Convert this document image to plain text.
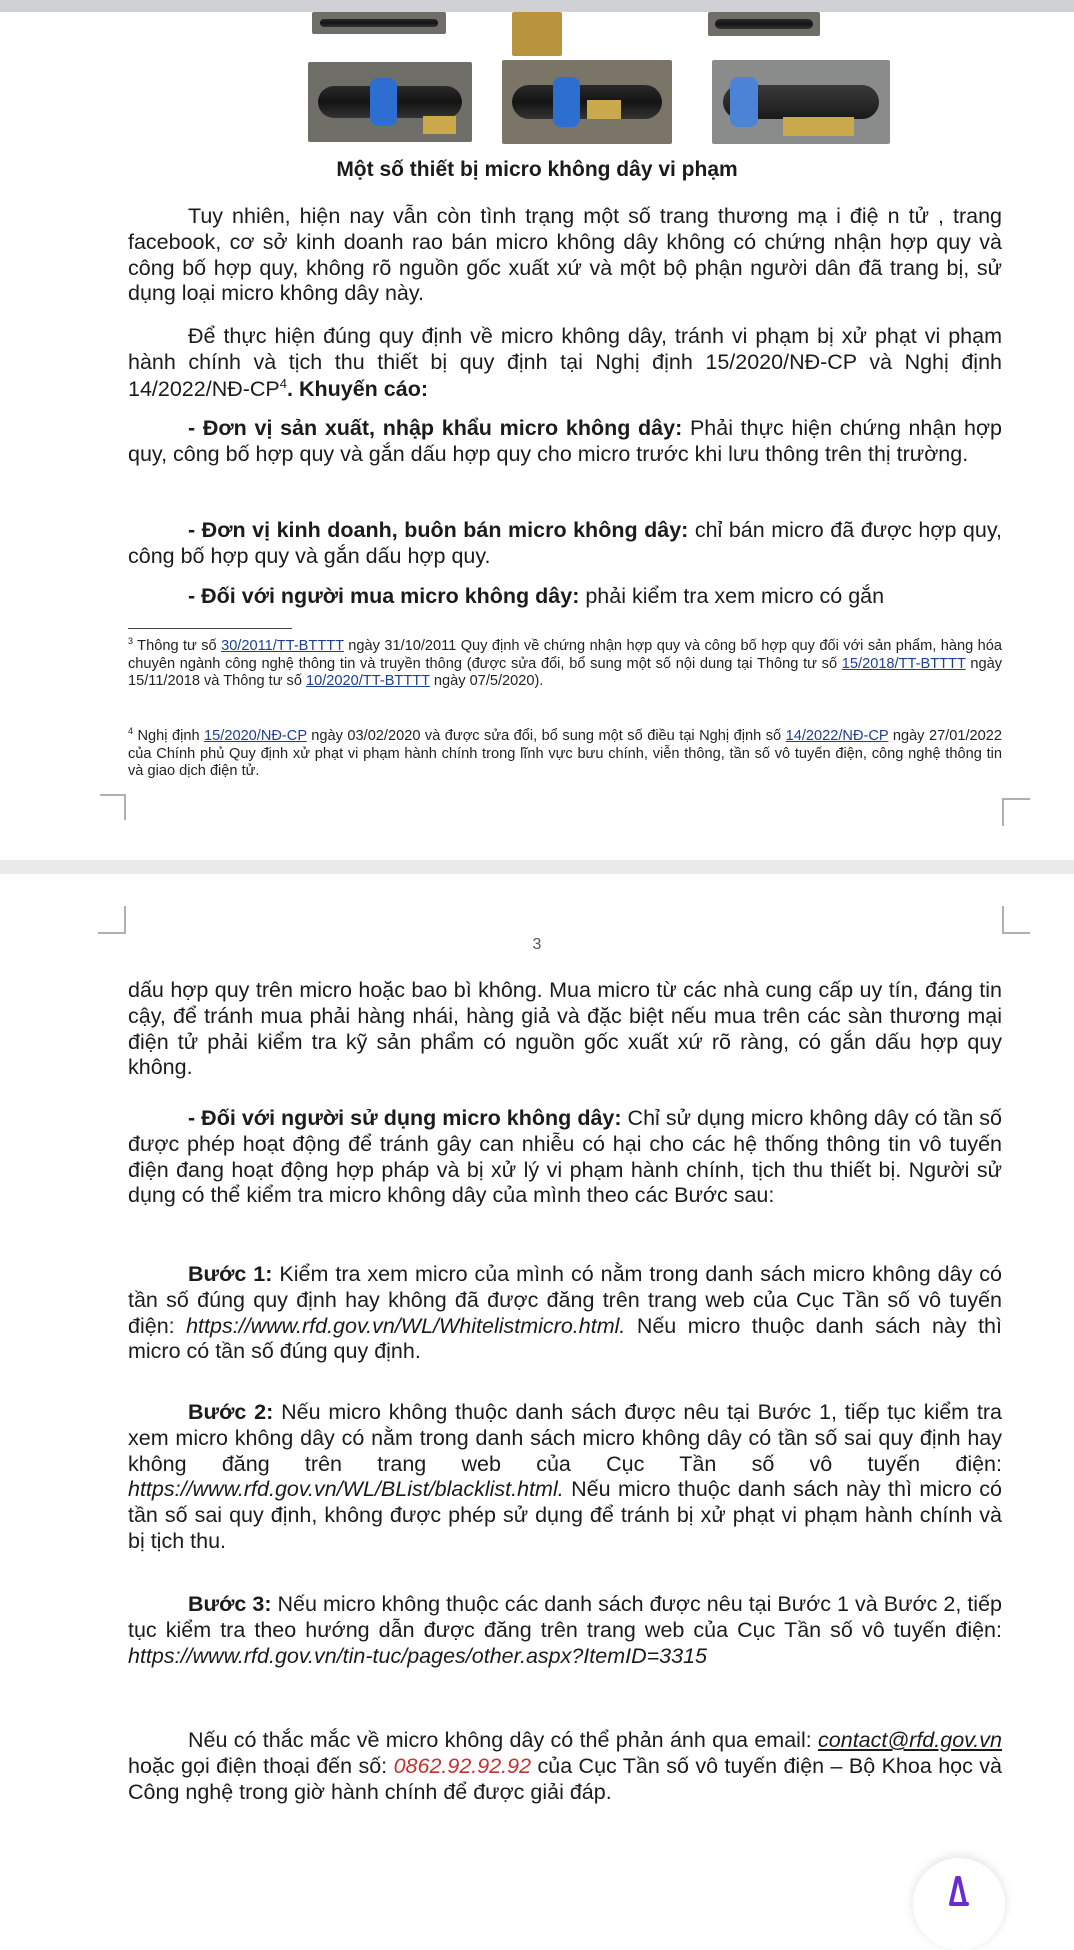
Một số thiết bị micro không dây vi phạm

Tuy nhiên, hiện nay vẫn còn tình trạng một số trang thương mạ i điệ n tử , trang facebook, cơ sở kinh doanh rao bán micro không dây không có chứng nhận hợp quy và công bố hợp quy, không rõ nguồn gốc xuất xứ và một bộ phận người dân đã trang bị, sử dụng loại micro không dây này.

Để thực hiện đúng quy định về micro không dây, tránh vi phạm bị xử phạt vi phạm hành chính và tịch thu thiết bị quy định tại Nghị định 15/2020/NĐ-CP và Nghị định $14/2022/NĐ-CP^4$. Khuyến cáo:

- Đơn vị sản xuất, nhập khẩu micro không dây: Phải thực hiện chứng nhận hợp quy, công bố hợp quy và gắn dấu hợp quy cho micro trước khi lưu thông trên thị trường.

- Đơn vị kinh doanh, buôn bán micro không dây: chỉ bán micro đã được hợp quy, công bố hợp quy và gắn dấu hợp quy.

- Đối với người mua micro không dây: phải kiểm tra xem micro có gắn

$^3$ Thông tư số 30/2011/TT-BTTTT ngày 31/10/2011 Quy định về chứng nhận hợp quy và công bố hợp quy đối với sản phẩm, hàng hóa chuyên ngành công nghệ thông tin và truyền thông (được sửa đổi, bổ sung một số nội dung tại Thông tư số 15/2018/TT-BTTTT ngày 15/11/2018 và Thông tư số 10/2020/TT-BTTTT ngày 07/5/2020).

$^4$ Nghị định 15/2020/NĐ-CP ngày 03/02/2020 và được sửa đổi, bổ sung một số điều tại Nghị định số 14/2022/NĐ-CP ngày 27/01/2022 của Chính phủ Quy định xử phạt vi phạm hành chính trong lĩnh vực bưu chính, viễn thông, tần số vô tuyến điện, công nghệ thông tin và giao dịch điện tử.

3

dấu hợp quy trên micro hoặc bao bì không. Mua micro từ các nhà cung cấp uy tín, đáng tin cậy, để tránh mua phải hàng nhái, hàng giả và đặc biệt nếu mua trên các sàn thương mại điện tử phải kiểm tra kỹ sản phẩm có nguồn gốc xuất xứ rõ ràng, có gắn dấu hợp quy không.

- Đối với người sử dụng micro không dây: Chỉ sử dụng micro không dây có tần số được phép hoạt động để tránh gây can nhiễu có hại cho các hệ thống thông tin vô tuyến điện đang hoạt động hợp pháp và bị xử lý vi phạm hành chính, tịch thu thiết bị. Người sử dụng có thể kiểm tra micro không dây của mình theo các Bước sau:

Bước 1: Kiểm tra xem micro của mình có nằm trong danh sách micro không dây có tần số đúng quy định hay không đã được đăng trên trang web của Cục Tần số vô tuyến điện: https://www.rfd.gov.vn/WL/Whitelistmicro.html. Nếu micro thuộc danh sách này thì micro có tần số đúng quy định.

Bước 2: Nếu micro không thuộc danh sách được nêu tại Bước 1, tiếp tục kiểm tra xem micro không dây có nằm trong danh sách micro không dây có tần số sai quy định hay không đăng trên trang web của Cục Tần số vô tuyến điện: https://www.rfd.gov.vn/WL/BList/blacklist.html. Nếu micro thuộc danh sách này thì micro có tần số sai quy định, không được phép sử dụng để tránh bị xử phạt vi phạm hành chính và bị tịch thu.

Bước 3: Nếu micro không thuộc các danh sách được nêu tại Bước 1 và Bước 2, tiếp tục kiểm tra theo hướng dẫn được đăng trên trang web của Cục Tần số vô tuyến điện: https://www.rfd.gov.vn/tin-tuc/pages/other.aspx?ItemID=3315

Nếu có thắc mắc về micro không dây có thể phản ánh qua email: contact@rfd.gov.vn hoặc gọi điện thoại đến số: 0862.92.92.92 của Cục Tần số vô tuyến điện – Bộ Khoa học và Công nghệ trong giờ hành chính để được giải đáp.
